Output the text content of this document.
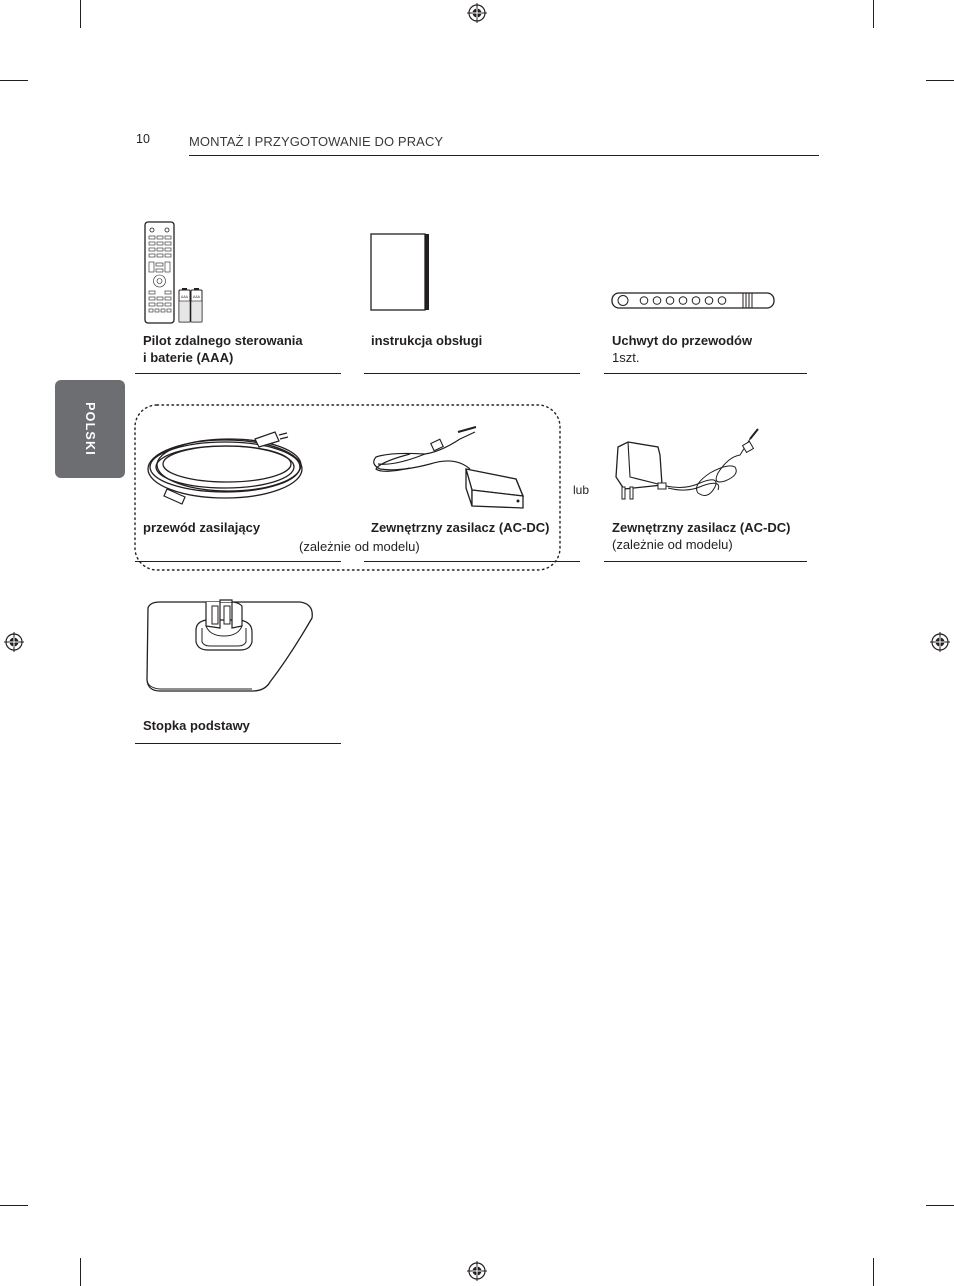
10	MONTAŻ I PRZYGOTOWANIE DO PRACY
POLSKI
AAA AAA
Pilot zdalnego sterowania
i baterie (AAA)
instrukcja obsługi	Uchwyt do przewodów
1szt.
przewód zasilający	Zewnętrzny zasilacz (AC-DC)
(zależnie od modelu)
lub
Zewnętrzny zasilacz (AC-DC)
(zależnie od modelu)
Stopka podstawy
